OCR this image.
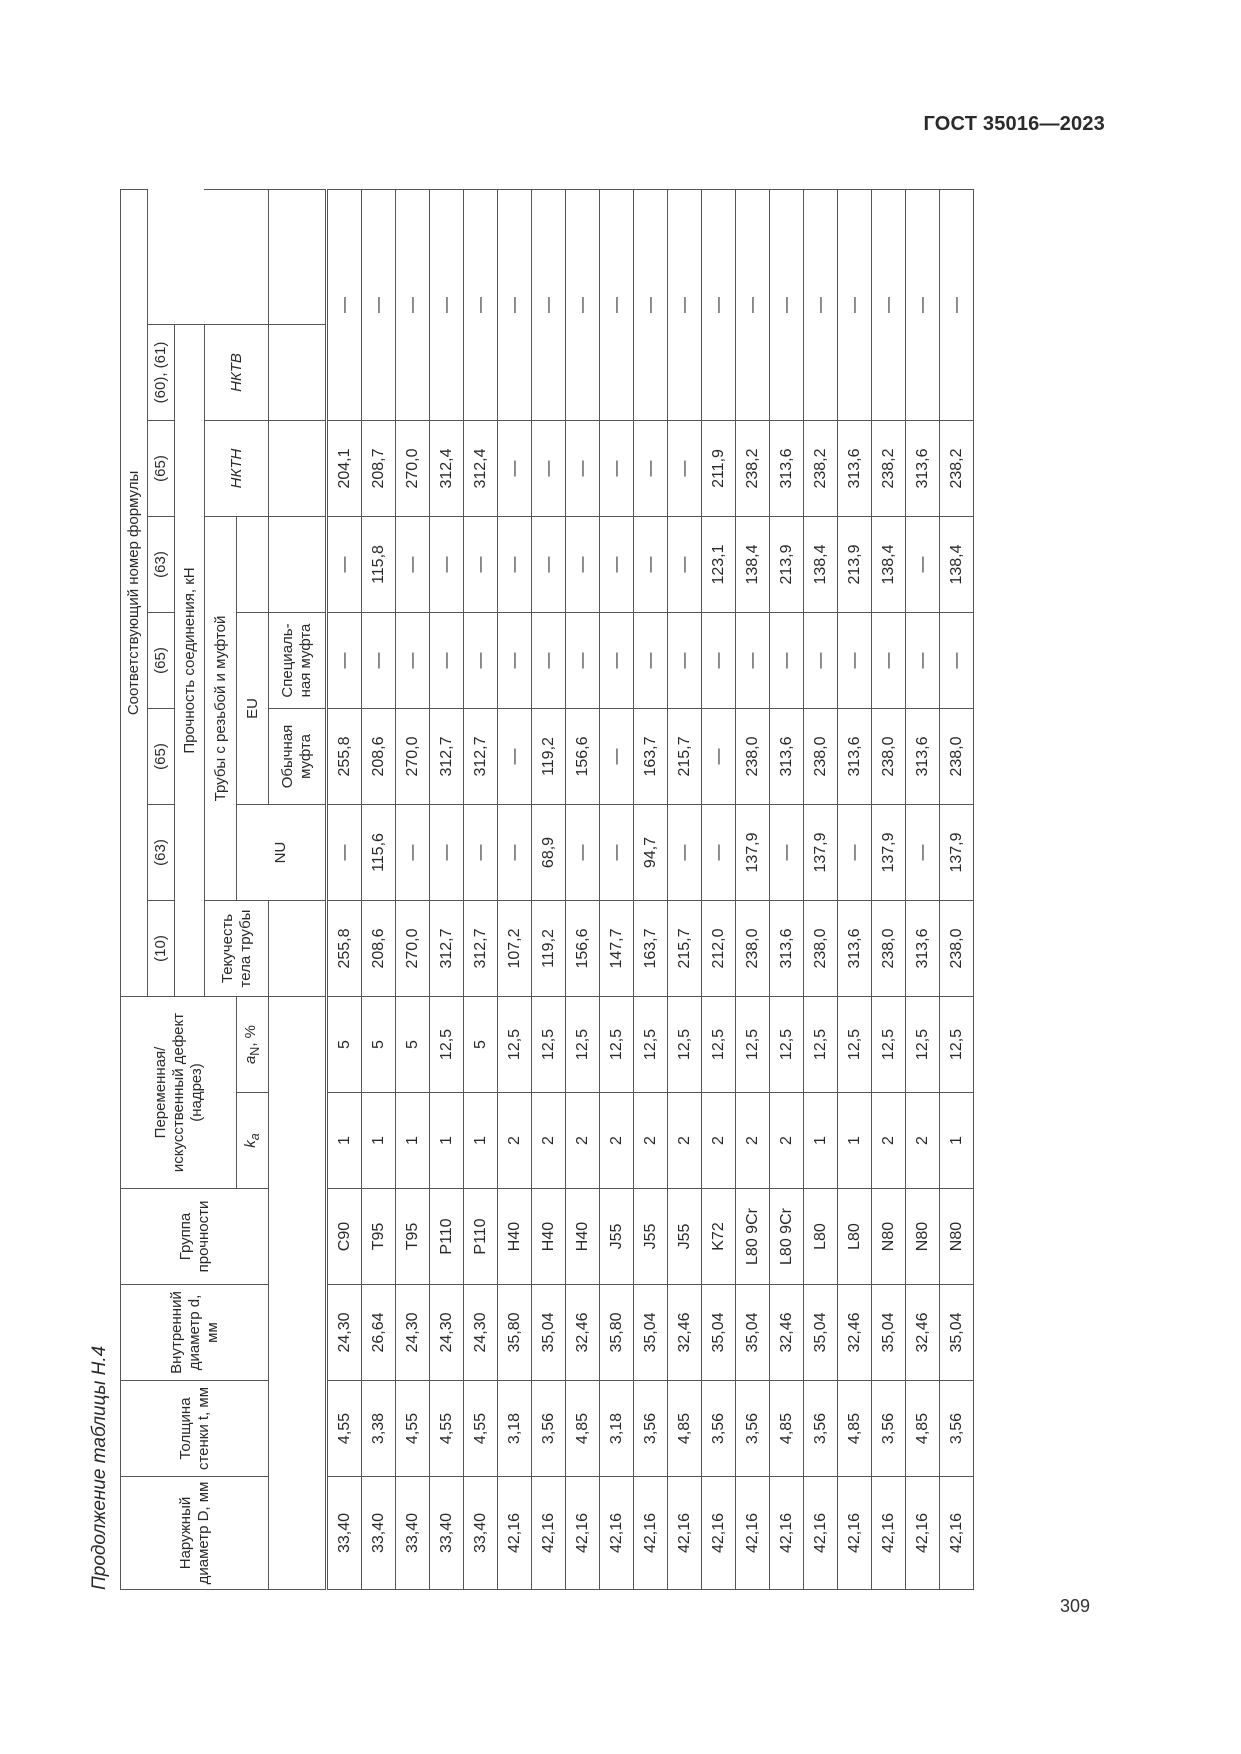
ГОСТ 35016—2023
Продолжение таблицы Н.4	Наружный диаметр D, мм	Толщина стенки t, мм	Внутренний диаметр d, мм	Группа прочности	Переменная/ искусственный дефект (надрез)		Соответствующий номер формулы								
						(10)	(63)	(65)	(65)	(63)	(65)	(60), (61)		
						Прочность соединения, кН								
						Текучесть тела трубы	Трубы с резьбой и муфтой				НКТН	НКТВ	
				$k_a$	$a_N$, %		NU	EU						
								Обычная муфта	Специаль- ная муфта					
33,40	4,55	24,30	C90	1	5	255,8	—	255,8	—	—	204,1	—		
33,40	3,38	26,64	T95	1	5	208,6	115,6	208,6	—	115,8	208,7	—		
33,40	4,55	24,30	T95	1	5	270,0	—	270,0	—	—	270,0	—		
33,40	4,55	24,30	P110	1	12,5	312,7	—	312,7	—	—	312,4	—		
33,40	4,55	24,30	P110	1	5	312,7	—	312,7	—	—	312,4	—		
42,16	3,18	35,80	H40	2	12,5	107,2	—	—	—	—	—	—		
42,16	3,56	35,04	H40	2	12,5	119,2	68,9	119,2	—	—	—	—		
42,16	4,85	32,46	H40	2	12,5	156,6	—	156,6	—	—	—	—		
42,16	3,18	35,80	J55	2	12,5	147,7	—	—	—	—	—	—		
42,16	3,56	35,04	J55	2	12,5	163,7	94,7	163,7	—	—	—	—		
42,16	4,85	32,46	J55	2	12,5	215,7	—	215,7	—	—	—	—		
42,16	3,56	35,04	K72	2	12,5	212,0	—	—	—	123,1	211,9	—		
42,16	3,56	35,04	L80 9Cr	2	12,5	238,0	137,9	238,0	—	138,4	238,2	—		
42,16	4,85	32,46	L80 9Cr	2	12,5	313,6	—	313,6	—	213,9	313,6	—		
42,16	3,56	35,04	L80	1	12,5	238,0	137,9	238,0	—	138,4	238,2	—		
42,16	4,85	32,46	L80	1	12,5	313,6	—	313,6	—	213,9	313,6	—		
42,16	3,56	35,04	N80	2	12,5	238,0	137,9	238,0	—	138,4	238,2	—		
42,16	4,85	32,46	N80	2	12,5	313,6	—	313,6	—	—	313,6	—		
42,16	3,56	35,04	N80	1	12,5	238,0	137,9	238,0	—	138,4	238,2	—		
309
